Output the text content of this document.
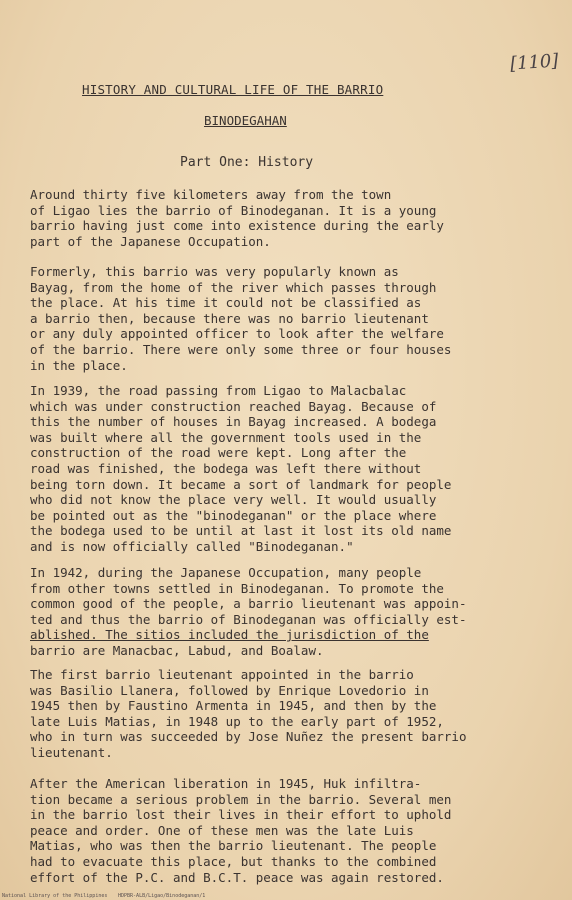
[110]
HISTORY AND CULTURAL LIFE OF THE BARRIO
BINODEGAHAN
Part One: History
Around thirty five kilometers away from the town
of Ligao lies the barrio of Binodeganan. It is a young
barrio having just come into existence during the early
part of the Japanese Occupation.
Formerly, this barrio was very popularly known as
Bayag, from the home of the river which passes through
the place. At his time it could not be classified as
a barrio then, because there was no barrio lieutenant
or any duly appointed officer to look after the welfare
of the barrio. There were only some three or four houses
in the place.
In 1939, the road passing from Ligao to Malacbalac
which was under construction reached Bayag. Because of
this the number of houses in Bayag increased. A bodega
was built where all the government tools used in the
construction of the road were kept. Long after the
road was finished, the bodega was left there without
being torn down. It became a sort of landmark for people
who did not know the place very well. It would usually
be pointed out as the "binodeganan" or the place where
the bodega used to be until at last it lost its old name
and is now officially called "Binodeganan."
In 1942, during the Japanese Occupation, many people
from other towns settled in Binodeganan. To promote the
common good of the people, a barrio lieutenant was appoin-
ted and thus the barrio of Binodeganan was officially est-
ablished. The sitios included the jurisdiction of the
barrio are Manacbac, Labud, and Boalaw.
The first barrio lieutenant appointed in the barrio
was Basilio Llanera, followed by Enrique Lovedorio in
1945 then by Faustino Armenta in 1945, and then by the
late Luis Matias, in 1948 up to the early part of 1952,
who in turn was succeeded by Jose Nuñez the present barrio
lieutenant.
After the American liberation in 1945, Huk infiltra-
tion became a serious problem in the barrio. Several men
in the barrio lost their lives in their effort to uphold
peace and order. One of these men was the late Luis
Matias, who was then the barrio lieutenant. The people
had to evacuate this place, but thanks to the combined
effort of the P.C. and B.C.T. peace was again restored.
National Library of the Philippines HDPBR-ALB/Ligao/Binodeganan/1
